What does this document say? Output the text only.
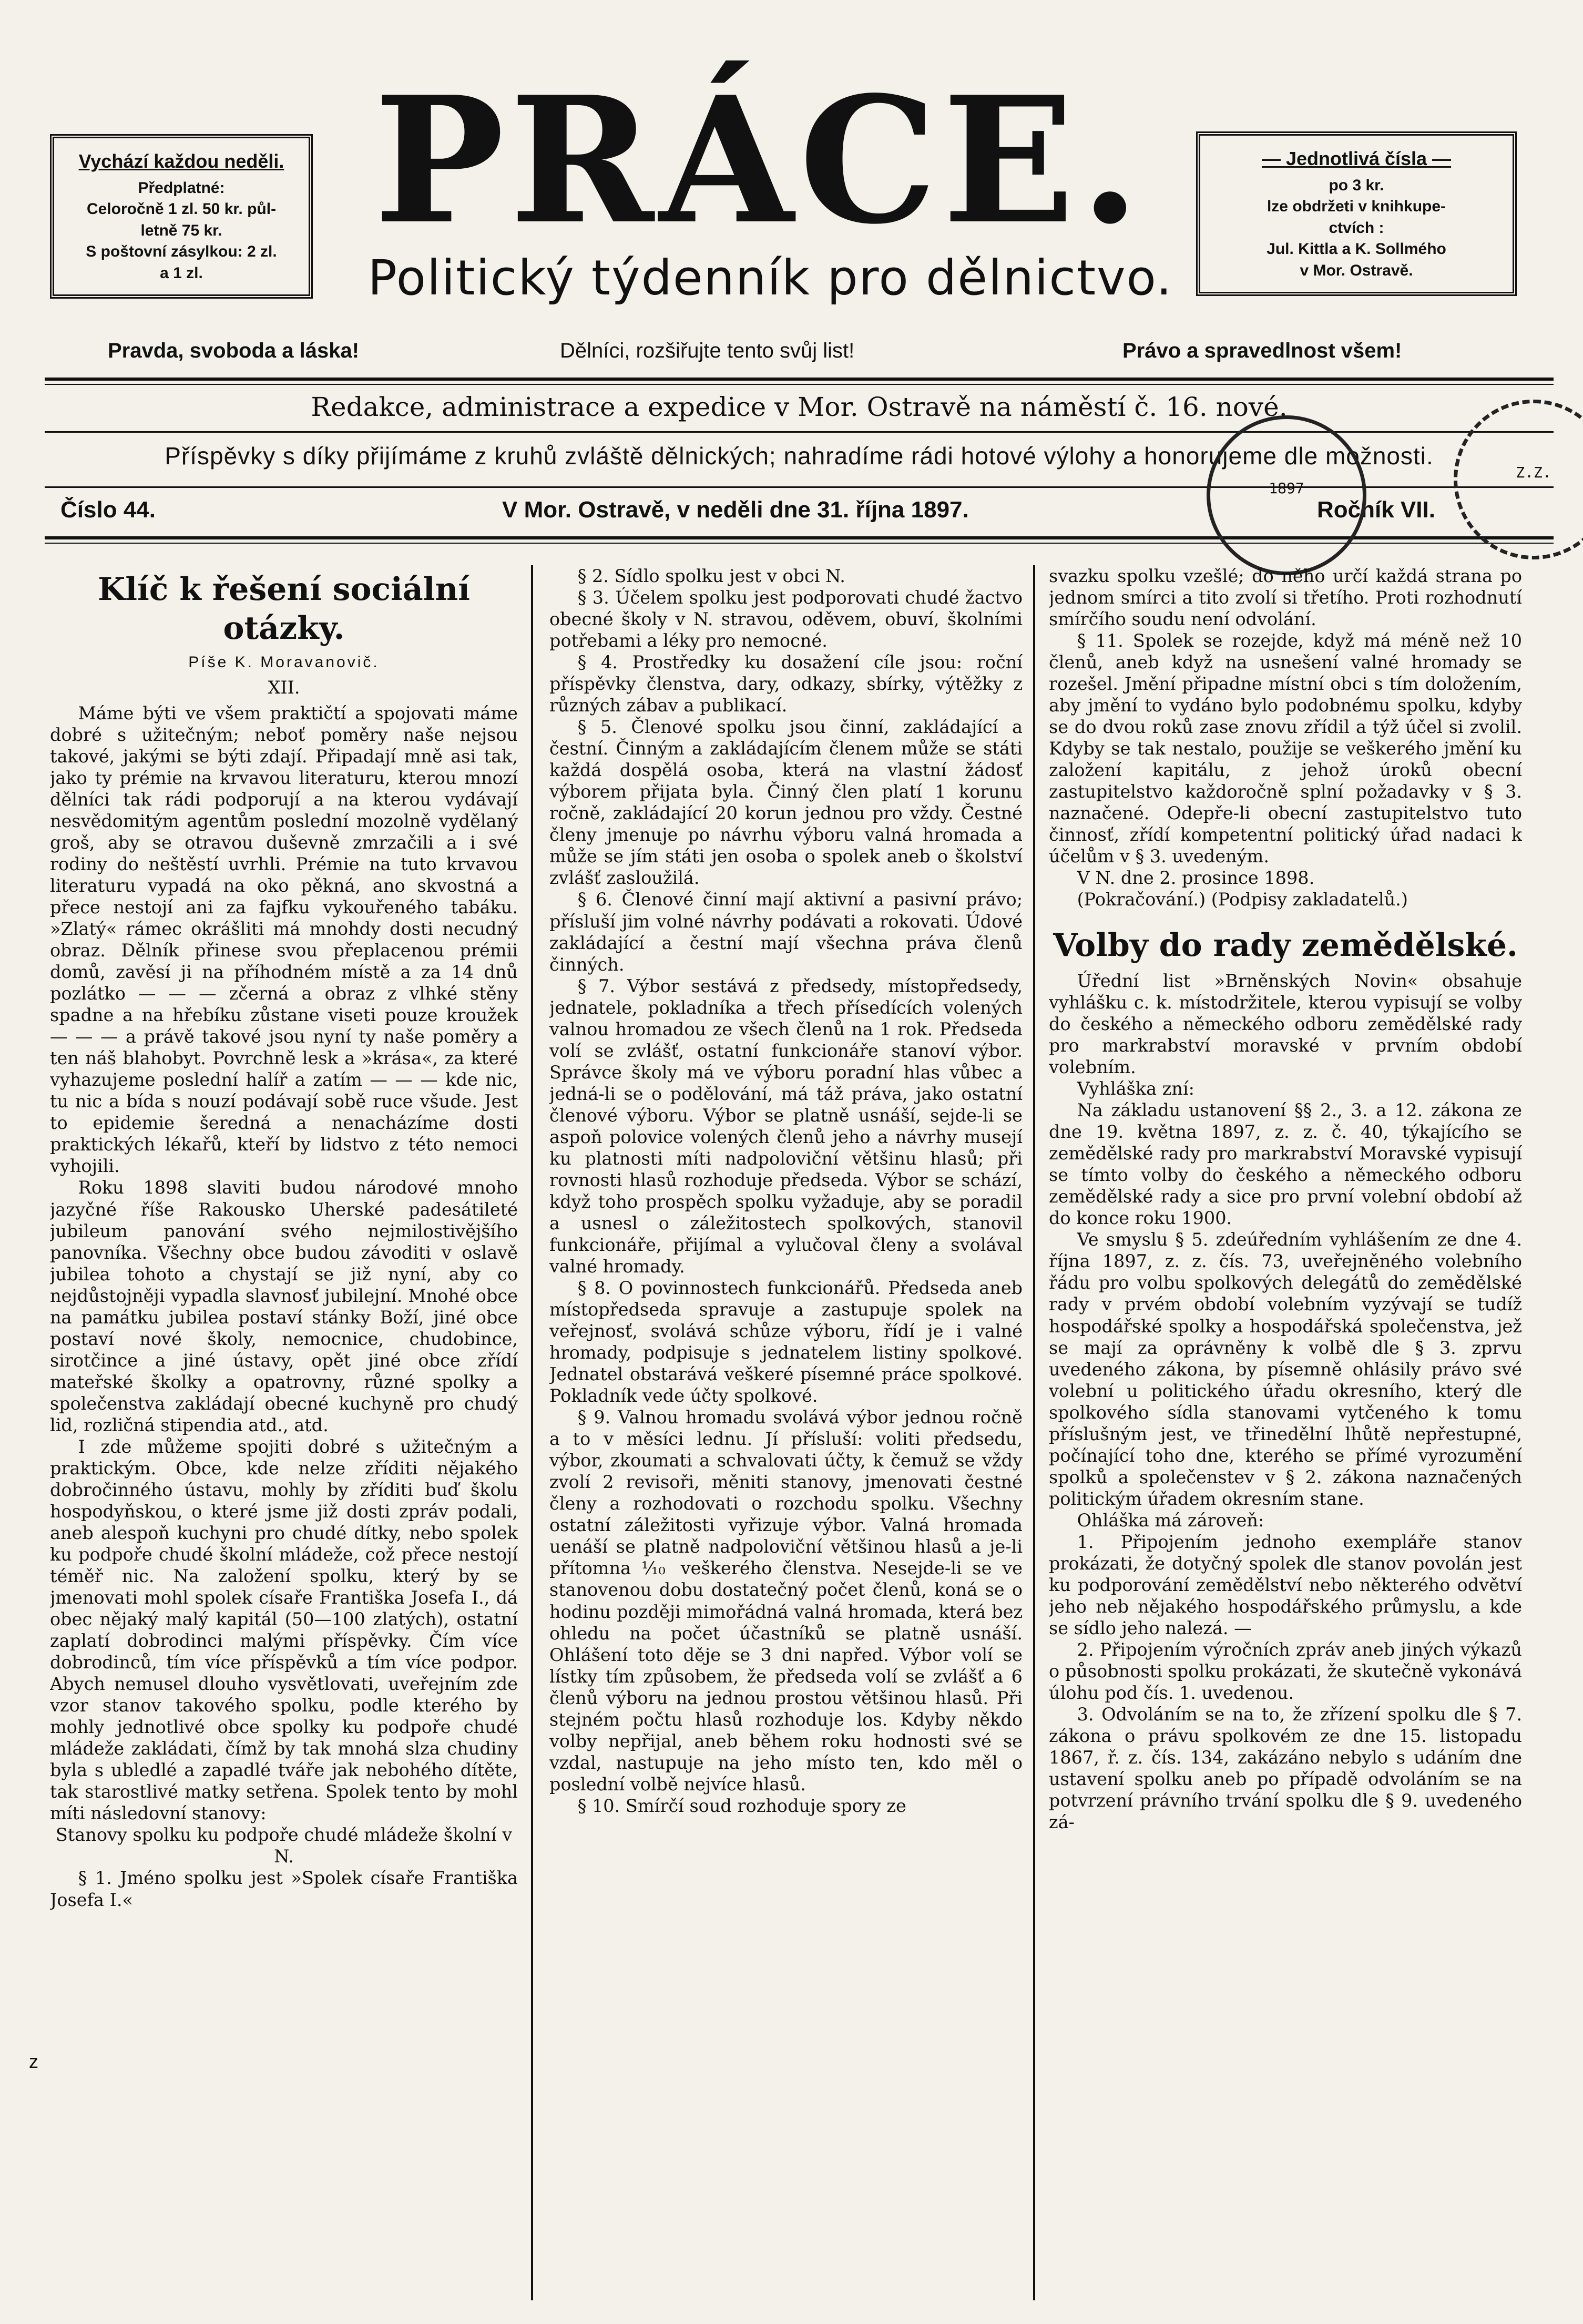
Vychází každou neděli.
Předplatné:
Celoročně 1 zl. 50 kr. půl-
letně 75 kr.
S poštovní zásylkou: 2 zl.
a 1 zl.
PRÁCE.
Politický týdenník pro dělnictvo.
— Jednotlivá čísla —
po 3 kr.
lze obdržeti v knihkupe-
ctvích :
Jul. Kittla a K. Sollmého
v Mor. Ostravě.
Pravda, svoboda a láska!	Dělníci, rozšiřujte tento svůj list!	Právo a spravedlnost všem!
Redakce, administrace a expedice v Mor. Ostravě na náměstí č. 16. nové.
Příspěvky s díky přijímáme z kruhů zvláště dělnických; nahradíme rádi hotové výlohy a honorujeme dle možnosti.
Číslo 44.	V Mor. Ostravě, v neděli dne 31. října 1897.	Ročník VII.
1897
Z.Z.
Klíč k řešení sociální otázky.
Píše K. Moravanovič.
XII.

Máme býti ve všem praktičtí a spojovati máme dobré s užitečným; neboť poměry naše nejsou takové, jakými se býti zdají. Připadají mně asi tak, jako ty prémie na krvavou literaturu, kterou mnozí dělníci tak rádi podporují a na kterou vydávají nesvědomitým agentům poslední mozolně vydělaný groš, aby se otravou duševně zmrzačili a i své rodiny do neštěstí uvrhli. Prémie na tuto krvavou literaturu vypadá na oko pěkná, ano skvostná a přece nestojí ani za fajfku vykouřeného tabáku. »Zlatý« rámec okrášliti má mnohdy dosti necudný obraz. Dělník přinese svou přeplacenou prémii domů, zavěsí ji na příhodném místě a za 14 dnů pozlátko — — — zčerná a obraz z vlhké stěny spadne a na hřebíku zůstane viseti pouze kroužek — — — a právě takové jsou nyní ty naše poměry a ten náš blahobyt. Povrchně lesk a »krása«, za které vyhazujeme poslední halíř a zatím — — — kde nic, tu nic a bída s nouzí podávají sobě ruce všude. Jest to epidemie šeredná a nenacházíme dosti praktických lékařů, kteří by lidstvo z této nemoci vyhojili.

Roku 1898 slaviti budou národové mnoho jazyčné říše Rakousko Uherské padesátileté jubileum panování svého nejmilostivějšího panovníka. Všechny obce budou závoditi v oslavě jubilea tohoto a chystají se již nyní, aby co nejdůstojněji vypadla slavnosť jubilejní. Mnohé obce na památku jubilea postaví stánky Boží, jiné obce postaví nové školy, nemocnice, chudobince, sirotčince a jiné ústavy, opět jiné obce zřídí mateřské školky a opatrovny, různé spolky a společenstva zakládají obecné kuchyně pro chudý lid, rozličná stipendia atd., atd.

I zde můžeme spojiti dobré s užitečným a praktickým. Obce, kde nelze zříditi nějakého dobročinného ústavu, mohly by zříditi buď školu hospodyňskou, o které jsme již dosti zpráv podali, aneb alespoň kuchyni pro chudé dítky, nebo spolek ku podpoře chudé školní mládeže, což přece nestojí téměř nic. Na založení spolku, který by se jmenovati mohl spolek císaře Františka Josefa I., dá obec nějaký malý kapitál (50—100 zlatých), ostatní zaplatí dobrodinci malými příspěvky. Čím více dobrodinců, tím více příspěvků a tím více podpor. Abych nemusel dlouho vysvětlovati, uveřejním zde vzor stanov takového spolku, podle kterého by mohly jednotlivé obce spolky ku podpoře chudé mládeže zakládati, čímž by tak mnohá slza chudiny byla s ubledlé a zapadlé tváře jak nebohého dítěte, tak starostlivé matky setřena. Spolek tento by mohl míti následovní stanovy:

Stanovy spolku ku podpoře chudé mládeže školní v N.

§ 1. Jméno spolku jest »Spolek císaře Františka Josefa I.«

§ 2. Sídlo spolku jest v obci N.

§ 3. Účelem spolku jest podporovati chudé žactvo obecné školy v N. stravou, oděvem, obuví, školními potřebami a léky pro nemocné.

§ 4. Prostředky ku dosažení cíle jsou: roční příspěvky členstva, dary, odkazy, sbírky, výtěžky z různých zábav a publikací.

§ 5. Členové spolku jsou činní, zakládající a čestní. Činným a zakládajícím členem může se státi každá dospělá osoba, která na vlastní žádosť výborem přijata byla. Činný člen platí 1 korunu ročně, zakládající 20 korun jednou pro vždy. Čestné členy jmenuje po návrhu výboru valná hromada a může se jím státi jen osoba o spolek aneb o školství zvlášť zasloužilá.

§ 6. Členové činní mají aktivní a pasivní právo; přísluší jim volné návrhy podávati a rokovati. Údové zakládající a čestní mají všechna práva členů činných.

§ 7. Výbor sestává z předsedy, místopředsedy, jednatele, pokladníka a třech přísedících volených valnou hromadou ze všech členů na 1 rok. Předseda volí se zvlášť, ostatní funkcionáře stanoví výbor. Správce školy má ve výboru poradní hlas vůbec a jedná-li se o podělování, má táž práva, jako ostatní členové výboru. Výbor se platně usnáší, sejde-li se aspoň polovice volených členů jeho a návrhy musejí ku platnosti míti nadpoloviční většinu hlasů; při rovnosti hlasů rozhoduje předseda. Výbor se schází, když toho prospěch spolku vyžaduje, aby se poradil a usnesl o záležitostech spolkových, stanovil funkcionáře, přijímal a vylučoval členy a svolával valné hromady.

§ 8. O povinnostech funkcionářů. Předseda aneb místopředseda spravuje a zastupuje spolek na veřejnosť, svolává schůze výboru, řídí je i valné hromady, podpisuje s jednatelem listiny spolkové. Jednatel obstarává veškeré písemné práce spolkové. Pokladník vede účty spolkové.

§ 9. Valnou hromadu svolává výbor jednou ročně a to v měsíci lednu. Jí přísluší: voliti předsedu, výbor, zkoumati a schvalovati účty, k čemuž se vždy zvolí 2 revisoři, měniti stanovy, jmenovati čestné členy a rozhodovati o rozchodu spolku. Všechny ostatní záležitosti vyřizuje výbor. Valná hromada uenáší se platně nadpoloviční většinou hlasů a je-li přítomna ⅒ veškerého členstva. Nesejde-li se ve stanovenou dobu dostatečný počet členů, koná se o hodinu později mimořádná valná hromada, která bez ohledu na počet účastníků se platně usnáší. Ohlášení toto děje se 3 dni napřed. Výbor volí se lístky tím způsobem, že předseda volí se zvlášť a 6 členů výboru na jednou prostou většinou hlasů. Při stejném počtu hlasů rozhoduje los. Kdyby někdo volby nepřijal, aneb během roku hodnosti své se vzdal, nastupuje na jeho místo ten, kdo měl o poslední volbě nejvíce hlasů.

§ 10. Smírčí soud rozhoduje spory ze

svazku spolku vzešlé; do něho určí každá strana po jednom smírci a tito zvolí si třetího. Proti rozhodnutí smírčího soudu není odvolání.

§ 11. Spolek se rozejde, když má méně než 10 členů, aneb když na usnešení valné hromady se rozešel. Jmění připadne místní obci s tím doložením, aby jmění to vydáno bylo podobnému spolku, kdyby se do dvou roků zase znovu zřídil a týž účel si zvolil. Kdyby se tak nestalo, použije se veškerého jmění ku založení kapitálu, z jehož úroků obecní zastupitelstvo každoročně splní požadavky v § 3. naznačené. Odepře-li obecní zastupitelstvo tuto činnosť, zřídí kompetentní politický úřad nadaci k účelům v § 3. uvedeným.

V N. dne 2. prosince 1898.

(Pokračování.) (Podpisy zakladatelů.)

Volby do rady zemědělské.

Úřední list »Brněnských Novin« obsahuje vyhlášku c. k. místodržitele, kterou vypisují se volby do českého a německého odboru zemědělské rady pro markrabství moravské v prvním období volebním.

Vyhláška zní:

Na základu ustanovení §§ 2., 3. a 12. zákona ze dne 19. května 1897, z. z. č. 40, týkajícího se zemědělské rady pro markrabství Moravské vypisují se tímto volby do českého a německého odboru zemědělské rady a sice pro první volební období až do konce roku 1900.

Ve smyslu § 5. zdeúředním vyhlášením ze dne 4. října 1897, z. z. čís. 73, uveřejněného volebního řádu pro volbu spolkových delegátů do zemědělské rady v prvém období volebním vyzývají se tudíž hospodářské spolky a hospodářská společenstva, jež se mají za oprávněny k volbě dle § 3. zprvu uvedeného zákona, by písemně ohlásily právo své volební u politického úřadu okresního, který dle spolkového sídla stanovami vytčeného k tomu příslušným jest, ve třinedělní lhůtě nepřestupné, počínající toho dne, kterého se přímé vyrozumění spolků a společenstev v § 2. zákona naznačených politickým úřadem okresním stane.

Ohláška má zároveň:

1. Připojením jednoho exempláře stanov prokázati, že dotyčný spolek dle stanov povolán jest ku podporování zemědělství nebo některého odvětví jeho neb nějakého hospodářského průmyslu, a kde se sídlo jeho nalezá. —

2. Připojením výročních zpráv aneb jiných výkazů o působnosti spolku prokázati, že skutečně vykonává úlohu pod čís. 1. uvedenou.

3. Odvoláním se na to, že zřízení spolku dle § 7. zákona o právu spolkovém ze dne 15. listopadu 1867, ř. z. čís. 134, zakázáno nebylo s udáním dne ustavení spolku aneb po případě odvoláním se na potvrzení právního trvání spolku dle § 9. uvedeného zá-

z
